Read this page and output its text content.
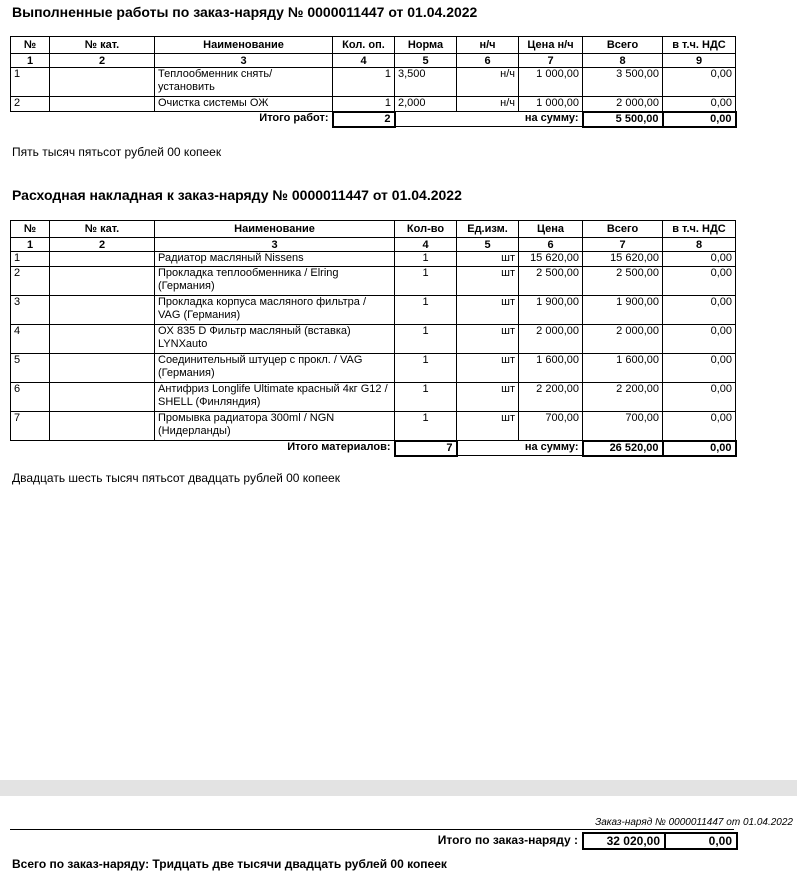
Выполненные работы по заказ-наряду № 0000011447 от 01.04.2022
№	№ кат.	Наименование	Кол. оп.	Норма	н/ч	Цена н/ч	Всего	в т.ч. НДС
1	2	3	4	5	6	7	8	9
1		Теплообменник снять/установить	1	3,500	н/ч	1 000,00	3 500,00	0,00
2		Очистка системы ОЖ	1	2,000	н/ч	1 000,00	2 000,00	0,00
Итого работ:			2	на сумму:			5 500,00	0,00
Пять тысяч пятьсот рублей 00 копеек
Расходная накладная к заказ-наряду № 0000011447 от 01.04.2022
№	№ кат.	Наименование	Кол-во	Ед.изм.	Цена	Всего	в т.ч. НДС
1	2	3	4	5	6	7	8
1		Радиатор масляный Nissens	1	шт	15 620,00	15 620,00	0,00
2		Прокладка теплообменника / Elring (Германия)	1	шт	2 500,00	2 500,00	0,00
3		Прокладка корпуса масляного фильтра / VAG (Германия)	1	шт	1 900,00	1 900,00	0,00
4		OX 835 D Фильтр масляный (вставка) LYNXauto	1	шт	2 000,00	2 000,00	0,00
5		Соединительный штуцер с прокл. / VAG (Германия)	1	шт	1 600,00	1 600,00	0,00
6		Антифриз Longlife Ultimate красный 4кг G12 / SHELL (Финляндия)	1	шт	2 200,00	2 200,00	0,00
7		Промывка радиатора 300ml / NGN (Нидерланды)	1	шт	700,00	700,00	0,00
Итого материалов:			7	на сумму:		26 520,00	0,00
Двадцать шесть тысяч пятьсот двадцать рублей 00 копеек
Заказ-наряд № 0000011447 от 01.04.2022
Итого по заказ-наряду :	32 020,00	0,00
Всего по заказ-наряду: Тридцать две тысячи двадцать рублей 00 копеек
